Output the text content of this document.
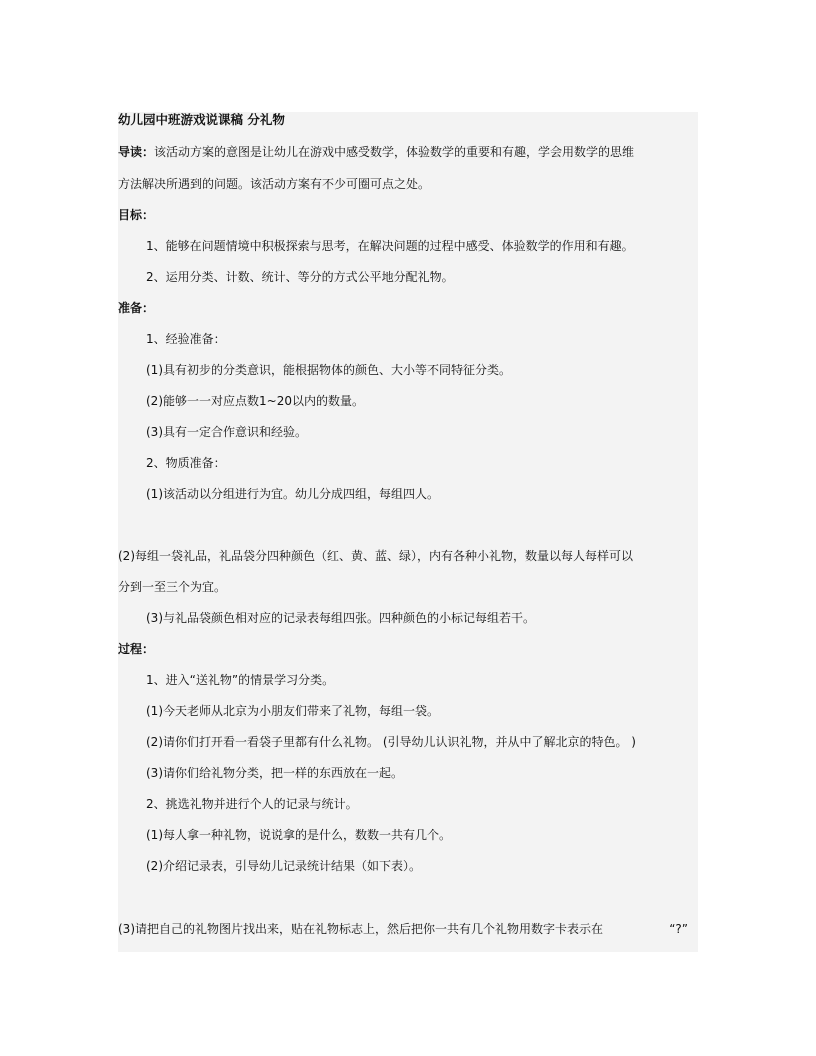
幼儿园中班游戏说课稿 分礼物
导读：该活动方案的意图是让幼儿在游戏中感受数学，体验数学的重要和有趣，学会用数学的思维
方法解决所遇到的问题。该活动方案有不少可圈可点之处。
目标：
1、能够在问题情境中积极探索与思考，在解决问题的过程中感受、体验数学的作用和有趣。
2、运用分类、计数、统计、等分的方式公平地分配礼物。
准备：
1、经验准备：
(1)具有初步的分类意识，能根据物体的颜色、大小等不同特征分类。
(2)能够一一对应点数1~20以内的数量。
(3)具有一定合作意识和经验。
2、物质准备：
(1)该活动以分组进行为宜。幼儿分成四组，每组四人。
(2)每组一袋礼品，礼品袋分四种颜色（红、黄、蓝、绿），内有各种小礼物，数量以每人每样可以
分到一至三个为宜。
(3)与礼品袋颜色相对应的记录表每组四张。四种颜色的小标记每组若干。
过程：
1、进入“送礼物”的情景学习分类。
(1)今天老师从北京为小朋友们带来了礼物，每组一袋。
(2)请你们打开看一看袋子里都有什么礼物。 (引导幼儿认识礼物，并从中了解北京的特色。 )
(3)请你们给礼物分类，把一样的东西放在一起。
2、挑选礼物并进行个人的记录与统计。
(1)每人拿一种礼物，说说拿的是什么，数数一共有几个。
(2)介绍记录表，引导幼儿记录统计结果（如下表）。
(3)请把自己的礼物图片找出来，贴在礼物标志上，然后把你一共有几个礼物用数字卡表示在	“?”
